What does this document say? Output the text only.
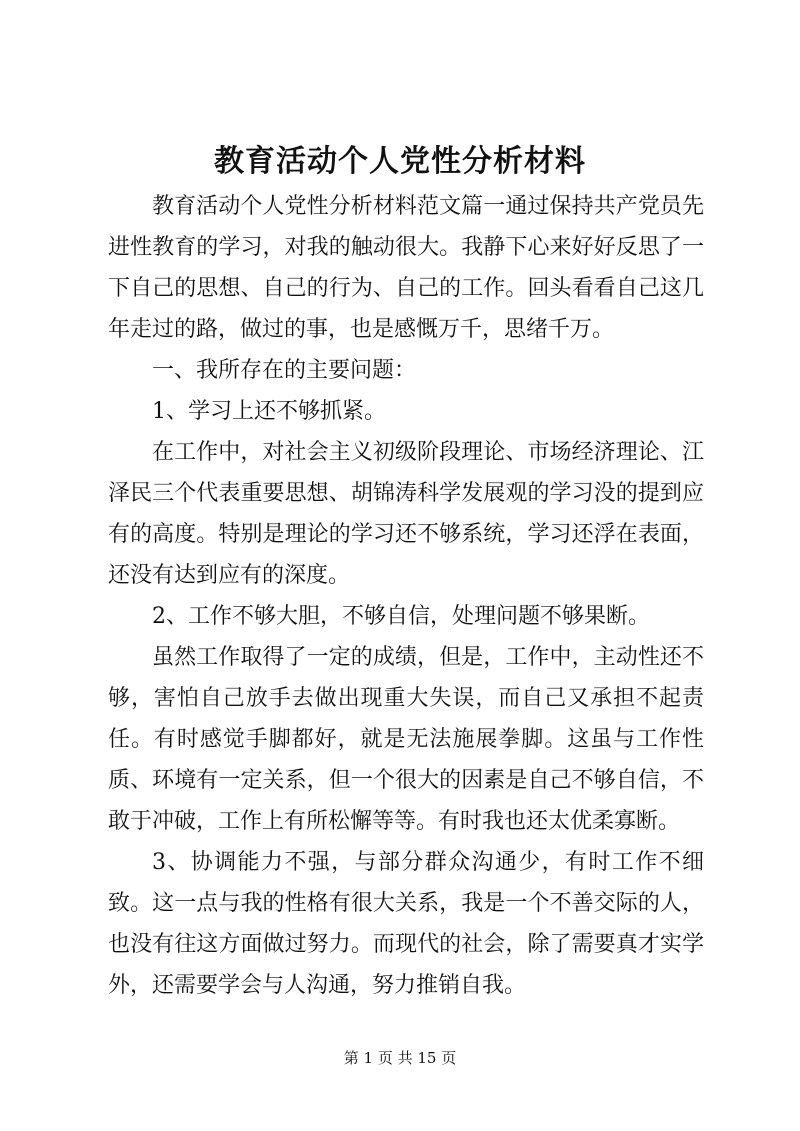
教育活动个人党性分析材料

教育活动个人党性分析材料范文篇一通过保持共产党员先进性教育的学习，对我的触动很大。我静下心来好好反思了一下自己的思想、自己的行为、自己的工作。回头看看自己这几年走过的路，做过的事，也是感慨万千，思绪千万。

一、我所存在的主要问题：

1、学习上还不够抓紧。

在工作中，对社会主义初级阶段理论、市场经济理论、江泽民三个代表重要思想、胡锦涛科学发展观的学习没的提到应有的高度。特别是理论的学习还不够系统，学习还浮在表面，还没有达到应有的深度。

2、工作不够大胆，不够自信，处理问题不够果断。

虽然工作取得了一定的成绩，但是，工作中，主动性还不够，害怕自己放手去做出现重大失误，而自己又承担不起责任。有时感觉手脚都好，就是无法施展拳脚。这虽与工作性质、环境有一定关系，但一个很大的因素是自己不够自信，不敢于冲破，工作上有所松懈等等。有时我也还太优柔寡断。

3、协调能力不强，与部分群众沟通少，有时工作不细致。这一点与我的性格有很大关系，我是一个不善交际的人，也没有往这方面做过努力。而现代的社会，除了需要真才实学外，还需要学会与人沟通，努力推销自我。

第 1 页 共 15 页
